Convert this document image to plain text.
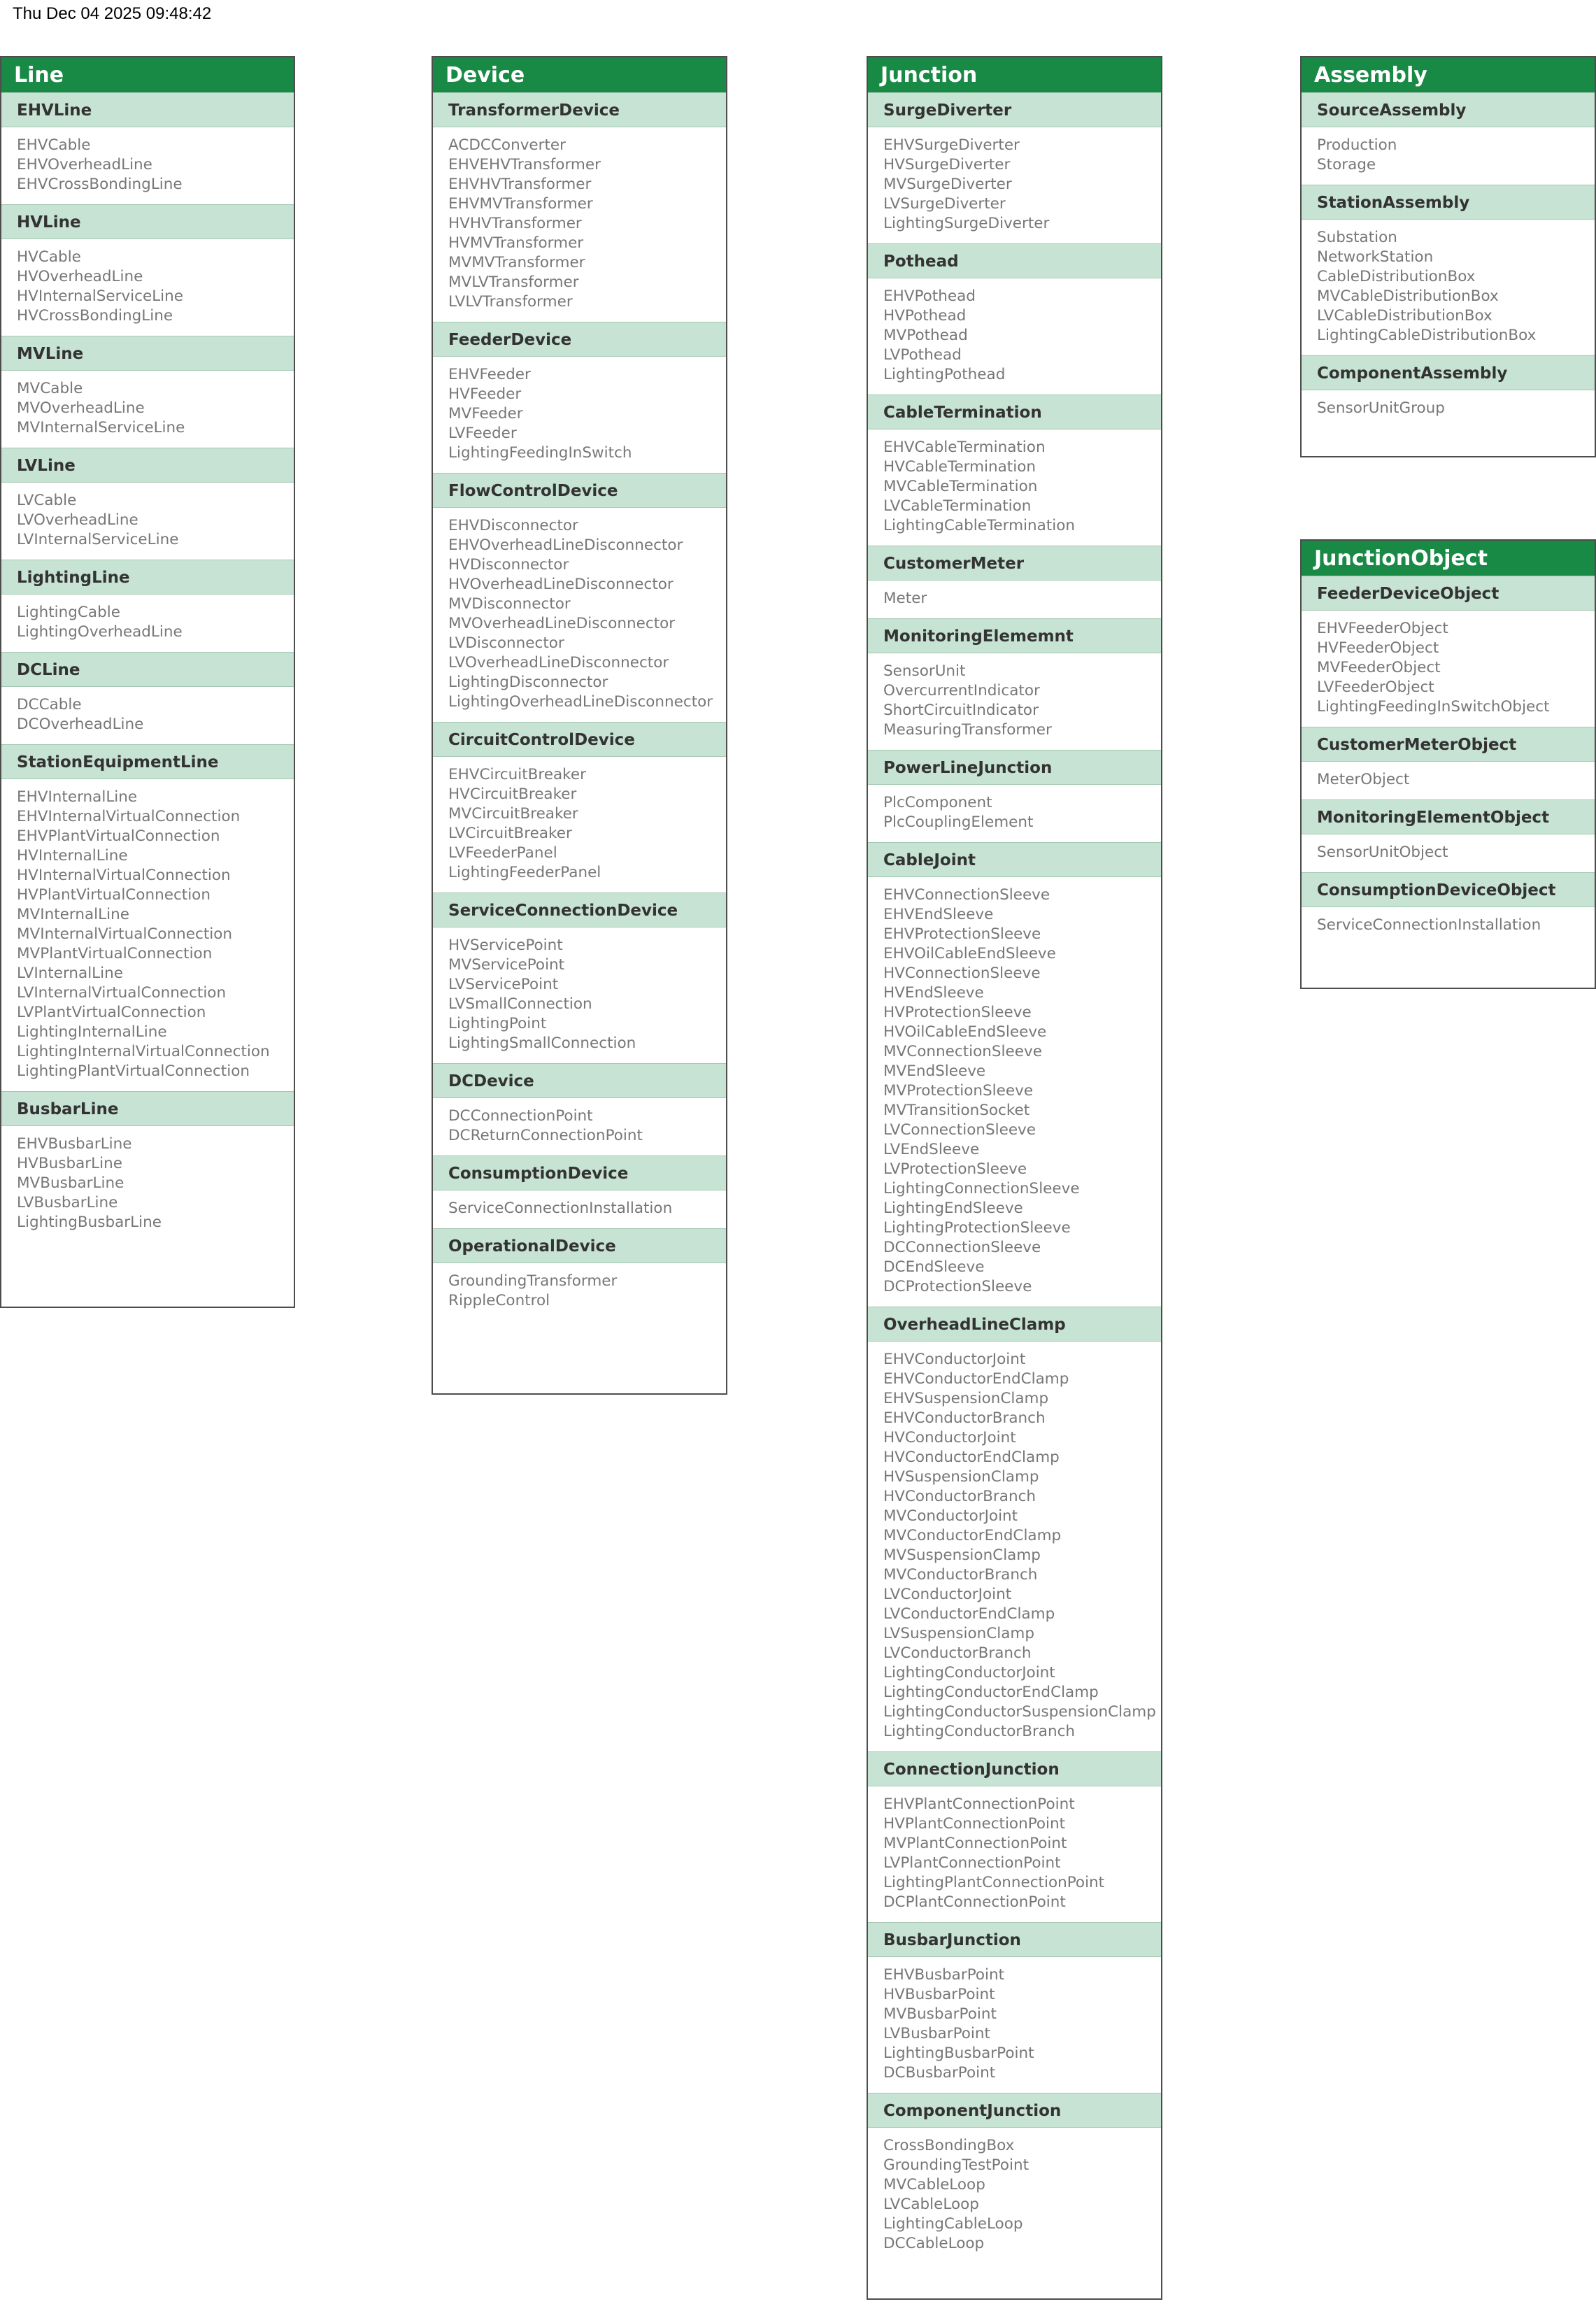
Thu Dec 04 2025 09:48:42
Line
EHVLine
EHVCable
EHVOverheadLine
EHVCrossBondingLine
HVLine
HVCable
HVOverheadLine
HVInternalServiceLine
HVCrossBondingLine
MVLine
MVCable
MVOverheadLine
MVInternalServiceLine
LVLine
LVCable
LVOverheadLine
LVInternalServiceLine
LightingLine
LightingCable
LightingOverheadLine
DCLine
DCCable
DCOverheadLine
StationEquipmentLine
EHVInternalLine
EHVInternalVirtualConnection
EHVPlantVirtualConnection
HVInternalLine
HVInternalVirtualConnection
HVPlantVirtualConnection
MVInternalLine
MVInternalVirtualConnection
MVPlantVirtualConnection
LVInternalLine
LVInternalVirtualConnection
LVPlantVirtualConnection
LightingInternalLine
LightingInternalVirtualConnection
LightingPlantVirtualConnection
BusbarLine
EHVBusbarLine
HVBusbarLine
MVBusbarLine
LVBusbarLine
LightingBusbarLine
Device
TransformerDevice
ACDCConverter
EHVEHVTransformer
EHVHVTransformer
EHVMVTransformer
HVHVTransformer
HVMVTransformer
MVMVTransformer
MVLVTransformer
LVLVTransformer
FeederDevice
EHVFeeder
HVFeeder
MVFeeder
LVFeeder
LightingFeedingInSwitch
FlowControlDevice
EHVDisconnector
EHVOverheadLineDisconnector
HVDisconnector
HVOverheadLineDisconnector
MVDisconnector
MVOverheadLineDisconnector
LVDisconnector
LVOverheadLineDisconnector
LightingDisconnector
LightingOverheadLineDisconnector
CircuitControlDevice
EHVCircuitBreaker
HVCircuitBreaker
MVCircuitBreaker
LVCircuitBreaker
LVFeederPanel
LightingFeederPanel
ServiceConnectionDevice
HVServicePoint
MVServicePoint
LVServicePoint
LVSmallConnection
LightingPoint
LightingSmallConnection
DCDevice
DCConnectionPoint
DCReturnConnectionPoint
ConsumptionDevice
ServiceConnectionInstallation
OperationalDevice
GroundingTransformer
RippleControl
Junction
SurgeDiverter
EHVSurgeDiverter
HVSurgeDiverter
MVSurgeDiverter
LVSurgeDiverter
LightingSurgeDiverter
Pothead
EHVPothead
HVPothead
MVPothead
LVPothead
LightingPothead
CableTermination
EHVCableTermination
HVCableTermination
MVCableTermination
LVCableTermination
LightingCableTermination
CustomerMeter
Meter
MonitoringElememnt
SensorUnit
OvercurrentIndicator
ShortCircuitIndicator
MeasuringTransformer
PowerLineJunction
PlcComponent
PlcCouplingElement
CableJoint
EHVConnectionSleeve
EHVEndSleeve
EHVProtectionSleeve
EHVOilCableEndSleeve
HVConnectionSleeve
HVEndSleeve
HVProtectionSleeve
HVOilCableEndSleeve
MVConnectionSleeve
MVEndSleeve
MVProtectionSleeve
MVTransitionSocket
LVConnectionSleeve
LVEndSleeve
LVProtectionSleeve
LightingConnectionSleeve
LightingEndSleeve
LightingProtectionSleeve
DCConnectionSleeve
DCEndSleeve
DCProtectionSleeve
OverheadLineClamp
EHVConductorJoint
EHVConductorEndClamp
EHVSuspensionClamp
EHVConductorBranch
HVConductorJoint
HVConductorEndClamp
HVSuspensionClamp
HVConductorBranch
MVConductorJoint
MVConductorEndClamp
MVSuspensionClamp
MVConductorBranch
LVConductorJoint
LVConductorEndClamp
LVSuspensionClamp
LVConductorBranch
LightingConductorJoint
LightingConductorEndClamp
LightingConductorSuspensionClamp
LightingConductorBranch
ConnectionJunction
EHVPlantConnectionPoint
HVPlantConnectionPoint
MVPlantConnectionPoint
LVPlantConnectionPoint
LightingPlantConnectionPoint
DCPlantConnectionPoint
BusbarJunction
EHVBusbarPoint
HVBusbarPoint
MVBusbarPoint
LVBusbarPoint
LightingBusbarPoint
DCBusbarPoint
ComponentJunction
CrossBondingBox
GroundingTestPoint
MVCableLoop
LVCableLoop
LightingCableLoop
DCCableLoop
Assembly
SourceAssembly
Production
Storage
StationAssembly
Substation
NetworkStation
CableDistributionBox
MVCableDistributionBox
LVCableDistributionBox
LightingCableDistributionBox
ComponentAssembly
SensorUnitGroup
JunctionObject
FeederDeviceObject
EHVFeederObject
HVFeederObject
MVFeederObject
LVFeederObject
LightingFeedingInSwitchObject
CustomerMeterObject
MeterObject
MonitoringElementObject
SensorUnitObject
ConsumptionDeviceObject
ServiceConnectionInstallation
